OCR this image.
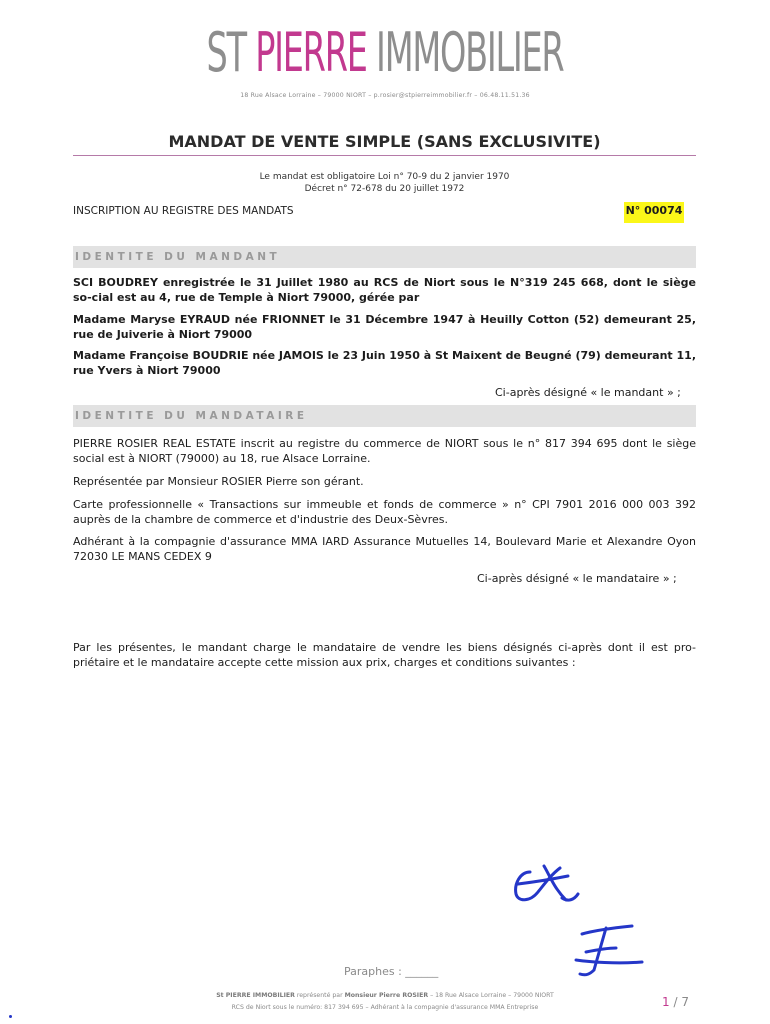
ST PIERRE IMMOBILIER
18 Rue Alsace Lorraine – 79000 NIORT – p.rosier@stpierreimmobilier.fr – 06.48.11.51.36
MANDAT DE VENTE SIMPLE (SANS EXCLUSIVITE)
Le mandat est obligatoire Loi n° 70-9 du 2 janvier 1970
Décret n° 72-678 du 20 juillet 1972
INSCRIPTION AU REGISTRE DES MANDATS	N° 00074
IDENTITE DU MANDANT
SCI BOUDREY enregistrée le 31 Juillet 1980 au RCS de Niort sous le N°319 245 668, dont le siège so-cial est au 4, rue de Temple à Niort 79000, gérée par
Madame Maryse EYRAUD née FRIONNET le 31 Décembre 1947 à Heuilly Cotton (52) demeurant 25, rue de Juiverie à Niort 79000
Madame Françoise BOUDRIE née JAMOIS le 23 Juin 1950 à St Maixent de Beugné (79) demeurant 11, rue Yvers à Niort 79000
Ci-après désigné « le mandant » ;
IDENTITE DU MANDATAIRE
PIERRE ROSIER REAL ESTATE inscrit au registre du commerce de NIORT sous le n° 817 394 695 dont le siège social est à NIORT (79000) au 18, rue Alsace Lorraine.
Représentée par Monsieur ROSIER Pierre son gérant.
Carte professionnelle « Transactions sur immeuble et fonds de commerce » n° CPI 7901 2016 000 003 392 auprès de la chambre de commerce et d'industrie des Deux-Sèvres.
Adhérant à la compagnie d'assurance MMA IARD Assurance Mutuelles 14, Boulevard Marie et Alexandre Oyon 72030 LE MANS CEDEX 9
Ci-après désigné « le mandataire » ;
Par les présentes, le mandant charge le mandataire de vendre les biens désignés ci-après dont il est pro-priétaire et le mandataire accepte cette mission aux prix, charges et conditions suivantes :
Paraphes : ______
St PIERRE IMMOBILIER représenté par Monsieur Pierre ROSIER – 18 Rue Alsace Lorraine – 79000 NIORT
RCS de Niort sous le numéro: 817 394 695 – Adhérant à la compagnie d'assurance MMA Entreprise	1 / 7
